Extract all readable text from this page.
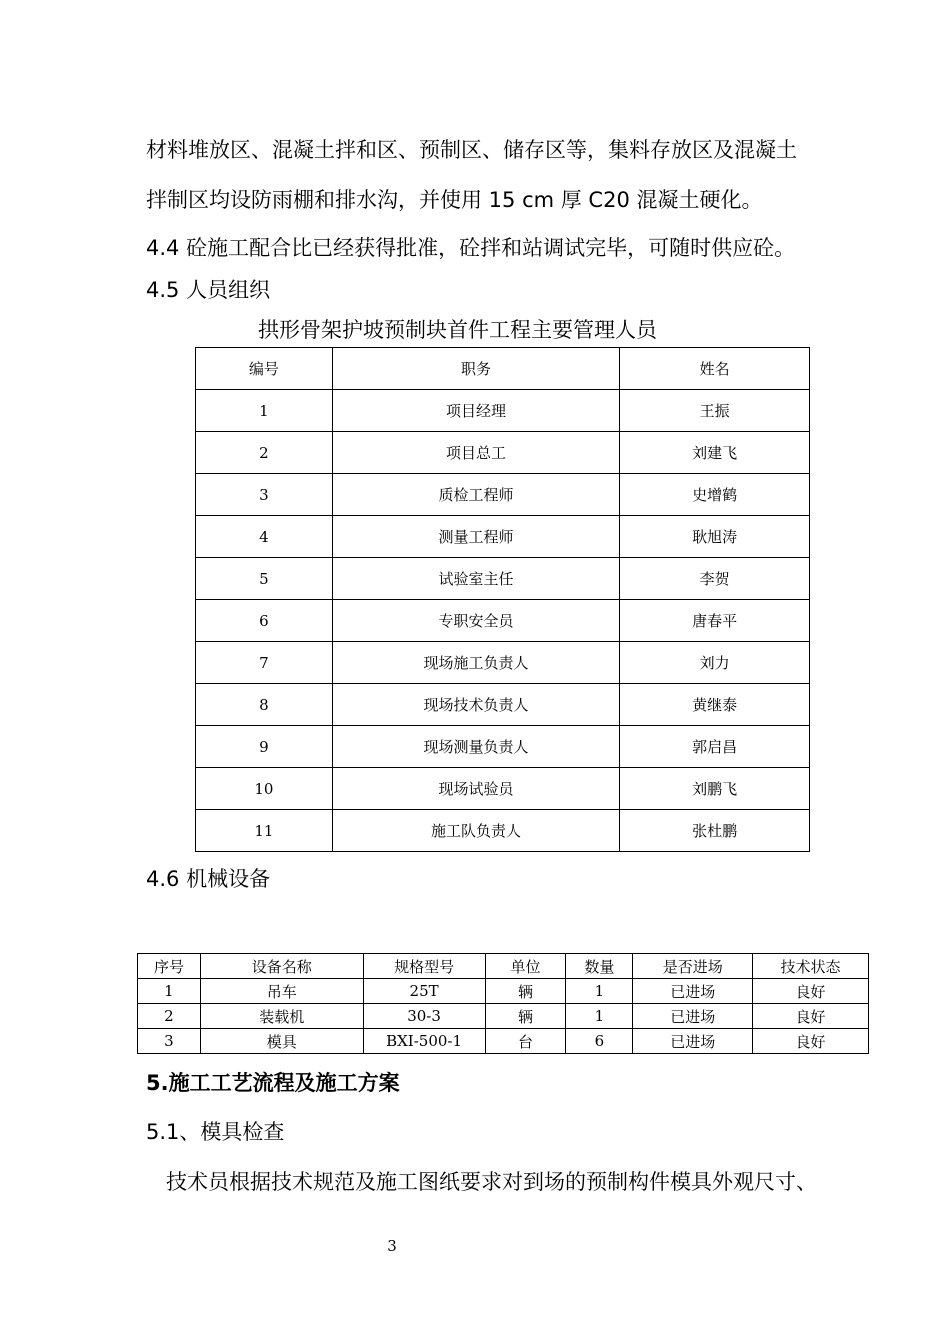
材料堆放区、混凝土拌和区、预制区、储存区等，集料存放区及混凝土
拌制区均设防雨棚和排水沟，并使用 15 cm 厚 C20 混凝土硬化。
4.4 砼施工配合比已经获得批准，砼拌和站调试完毕，可随时供应砼。
4.5 人员组织
拱形骨架护坡预制块首件工程主要管理人员
编号	职务	姓名
1	项目经理	王振
2	项目总工	刘建飞
3	质检工程师	史增鹤
4	测量工程师	耿旭涛
5	试验室主任	李贺
6	专职安全员	唐春平
7	现场施工负责人	刘力
8	现场技术负责人	黄继泰
9	现场测量负责人	郭启昌
10	现场试验员	刘鹏飞
11	施工队负责人	张杜鹏
4.6 机械设备
序号	设备名称	规格型号	单位	数量	是否进场	技术状态
1	吊车	25T	辆	1	已进场	良好
2	装载机	30-3	辆	1	已进场	良好
3	模具	BXI-500-1	台	6	已进场	良好
5.施工工艺流程及施工方案
5.1、模具检查
技术员根据技术规范及施工图纸要求对到场的预制构件模具外观尺寸、
3
